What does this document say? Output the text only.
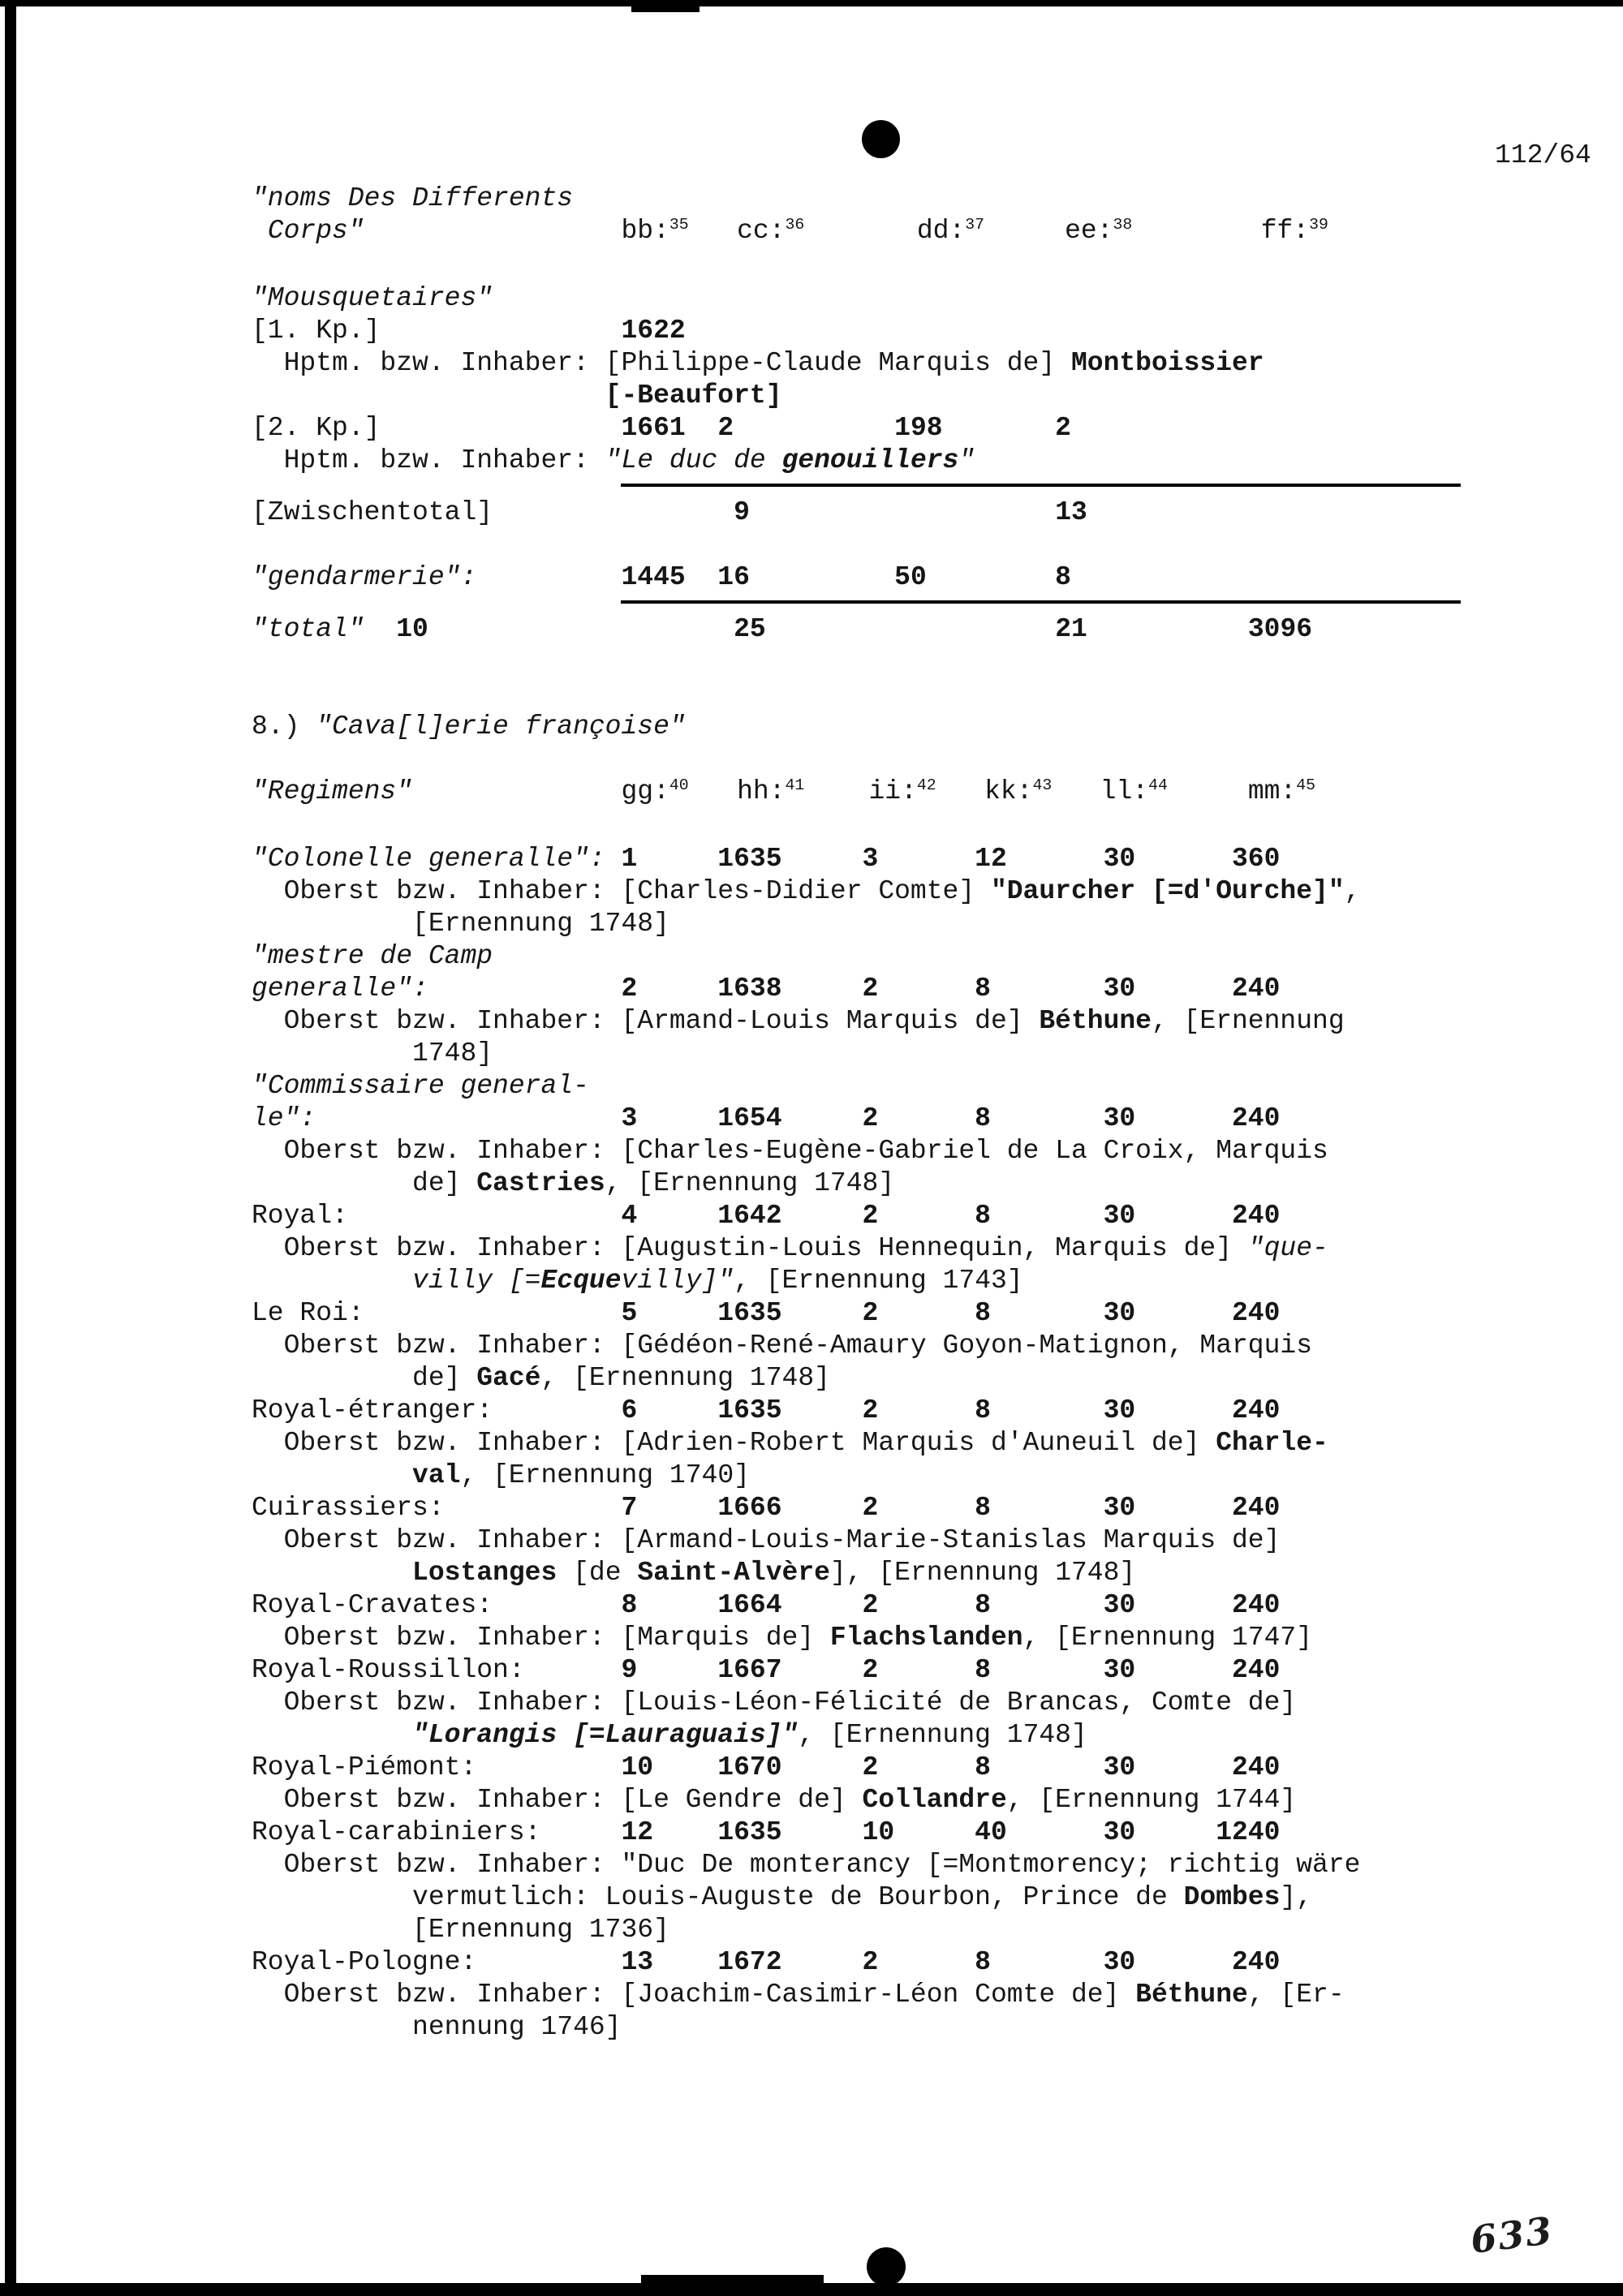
112/64
"noms Des Differents
Corps"	bb:$^{35}$ cc:$^{36}$	dd:$^{37}$	ee:$^{38}$	ff:$^{39}$

"Mousquetaires"
[1. Kp.]	1622
Hptm. bzw. Inhaber: [Philippe-Claude Marquis de] Montboissier
[-Beaufort]
[2. Kp.]	1661  2          198       2
Hptm. bzw. Inhaber: "Le duc de genouillers"
[Zwischentotal]	9	13

"gendarmerie":	1445  16         50        8
"total" 10	25	21	3096

8.) "Cava[l]erie françoise"

"Regimens"	gg:$^{40}$ hh:$^{41}$ ii:$^{42}$ kk:$^{43}$ ll:$^{44}$	mm:$^{45}$

"Colonelle generalle": 1     1635     3      12      30      360
Oberst bzw. Inhaber: [Charles-Didier Comte] "Daurcher [=d'Ourche]",
[Ernennung 1748]
"mestre de Camp
generalle":	2     1638     2      8       30      240
Oberst bzw. Inhaber: [Armand-Louis Marquis de] Béthune, [Ernennung
1748]
"Commissaire general-
le":	3     1654     2      8       30      240
Oberst bzw. Inhaber: [Charles-Eugène-Gabriel de La Croix, Marquis
de] Castries, [Ernennung 1748]
Royal:	4     1642     2      8       30      240
Oberst bzw. Inhaber: [Augustin-Louis Hennequin, Marquis de] "que-
villy [=Ecquevilly]", [Ernennung 1743]
Le Roi:	5     1635     2      8       30      240
Oberst bzw. Inhaber: [Gédéon-René-Amaury Goyon-Matignon, Marquis
de] Gacé, [Ernennung 1748]
Royal-étranger:	6     1635     2      8       30      240
Oberst bzw. Inhaber: [Adrien-Robert Marquis d'Auneuil de] Charle-
val, [Ernennung 1740]
Cuirassiers:	7     1666     2      8       30      240
Oberst bzw. Inhaber: [Armand-Louis-Marie-Stanislas Marquis de]
Lostanges [de Saint-Alvère], [Ernennung 1748]
Royal-Cravates:	8     1664     2      8       30      240
Oberst bzw. Inhaber: [Marquis de] Flachslanden, [Ernennung 1747]
Royal-Roussillon:	9     1667     2      8       30      240
Oberst bzw. Inhaber: [Louis-Léon-Félicité de Brancas, Comte de]
"Lorangis [=Lauraguais]", [Ernennung 1748]
Royal-Piémont:	10    1670     2      8       30      240
Oberst bzw. Inhaber: [Le Gendre de] Collandre, [Ernennung 1744]
Royal-carabiniers:	12    1635     10     40      30     1240
Oberst bzw. Inhaber: "Duc De monterancy [=Montmorency; richtig wäre
vermutlich: Louis-Auguste de Bourbon, Prince de Dombes],
[Ernennung 1736]
Royal-Pologne:	13    1672     2      8       30      240
Oberst bzw. Inhaber: [Joachim-Casimir-Léon Comte de] Béthune, [Er-
nennung 1746]
633
